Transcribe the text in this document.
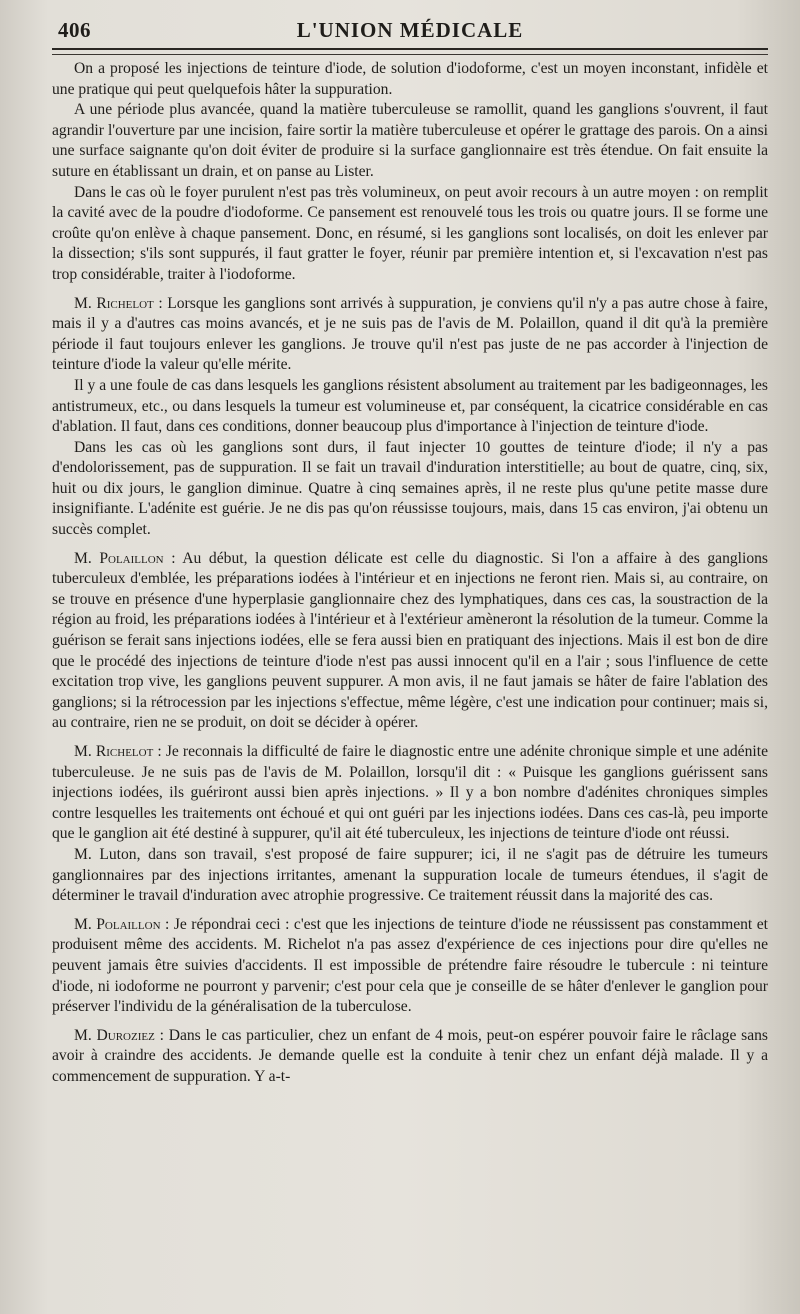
406	L'UNION MÉDICALE

On a proposé les injections de teinture d'iode, de solution d'iodoforme, c'est un moyen inconstant, infidèle et une pratique qui peut quelquefois hâter la suppuration.

A une période plus avancée, quand la matière tuberculeuse se ramollit, quand les ganglions s'ouvrent, il faut agrandir l'ouverture par une incision, faire sortir la matière tuberculeuse et opérer le grattage des parois. On a ainsi une surface saignante qu'on doit éviter de produire si la surface ganglionnaire est très étendue. On fait ensuite la suture en établissant un drain, et on panse au Lister.

Dans le cas où le foyer purulent n'est pas très volumineux, on peut avoir recours à un autre moyen : on remplit la cavité avec de la poudre d'iodoforme. Ce pansement est renouvelé tous les trois ou quatre jours. Il se forme une croûte qu'on enlève à chaque pansement. Donc, en résumé, si les ganglions sont localisés, on doit les enlever par la dissection; s'ils sont suppurés, il faut gratter le foyer, réunir par première intention et, si l'excavation n'est pas trop considérable, traiter à l'iodoforme.

M. Richelot : Lorsque les ganglions sont arrivés à suppuration, je conviens qu'il n'y a pas autre chose à faire, mais il y a d'autres cas moins avancés, et je ne suis pas de l'avis de M. Polaillon, quand il dit qu'à la première période il faut toujours enlever les ganglions. Je trouve qu'il n'est pas juste de ne pas accorder à l'injection de teinture d'iode la valeur qu'elle mérite.

Il y a une foule de cas dans lesquels les ganglions résistent absolument au traitement par les badigeonnages, les antistrumeux, etc., ou dans lesquels la tumeur est volumineuse et, par conséquent, la cicatrice considérable en cas d'ablation. Il faut, dans ces conditions, donner beaucoup plus d'importance à l'injection de teinture d'iode.

Dans les cas où les ganglions sont durs, il faut injecter 10 gouttes de teinture d'iode; il n'y a pas d'endolorissement, pas de suppuration. Il se fait un travail d'induration interstitielle; au bout de quatre, cinq, six, huit ou dix jours, le ganglion diminue. Quatre à cinq semaines après, il ne reste plus qu'une petite masse dure insignifiante. L'adénite est guérie. Je ne dis pas qu'on réussisse toujours, mais, dans 15 cas environ, j'ai obtenu un succès complet.

M. Polaillon : Au début, la question délicate est celle du diagnostic. Si l'on a affaire à des ganglions tuberculeux d'emblée, les préparations iodées à l'intérieur et en injections ne feront rien. Mais si, au contraire, on se trouve en présence d'une hyperplasie ganglionnaire chez des lymphatiques, dans ces cas, la soustraction de la région au froid, les préparations iodées à l'intérieur et à l'extérieur amèneront la résolution de la tumeur. Comme la guérison se ferait sans injections iodées, elle se fera aussi bien en pratiquant des injections. Mais il est bon de dire que le procédé des injections de teinture d'iode n'est pas aussi innocent qu'il en a l'air ; sous l'influence de cette excitation trop vive, les ganglions peuvent suppurer. A mon avis, il ne faut jamais se hâter de faire l'ablation des ganglions; si la rétrocession par les injections s'effectue, même légère, c'est une indication pour continuer; mais si, au contraire, rien ne se produit, on doit se décider à opérer.

M. Richelot : Je reconnais la difficulté de faire le diagnostic entre une adénite chronique simple et une adénite tuberculeuse. Je ne suis pas de l'avis de M. Polaillon, lorsqu'il dit : « Puisque les ganglions guérissent sans injections iodées, ils guériront aussi bien après injections. » Il y a bon nombre d'adénites chroniques simples contre lesquelles les traitements ont échoué et qui ont guéri par les injections iodées. Dans ces cas-là, peu importe que le ganglion ait été destiné à suppurer, qu'il ait été tuberculeux, les injections de teinture d'iode ont réussi.

M. Luton, dans son travail, s'est proposé de faire suppurer; ici, il ne s'agit pas de détruire les tumeurs ganglionnaires par des injections irritantes, amenant la suppuration locale de tumeurs étendues, il s'agit de déterminer le travail d'induration avec atrophie progressive. Ce traitement réussit dans la majorité des cas.

M. Polaillon : Je répondrai ceci : c'est que les injections de teinture d'iode ne réussissent pas constamment et produisent même des accidents. M. Richelot n'a pas assez d'expérience de ces injections pour dire qu'elles ne peuvent jamais être suivies d'accidents. Il est impossible de prétendre faire résoudre le tubercule : ni teinture d'iode, ni iodoforme ne pourront y parvenir; c'est pour cela que je conseille de se hâter d'enlever le ganglion pour préserver l'individu de la généralisation de la tuberculose.

M. Duroziez : Dans le cas particulier, chez un enfant de 4 mois, peut-on espérer pouvoir faire le râclage sans avoir à craindre des accidents. Je demande quelle est la conduite à tenir chez un enfant déjà malade. Il y a commencement de suppuration. Y a-t-
